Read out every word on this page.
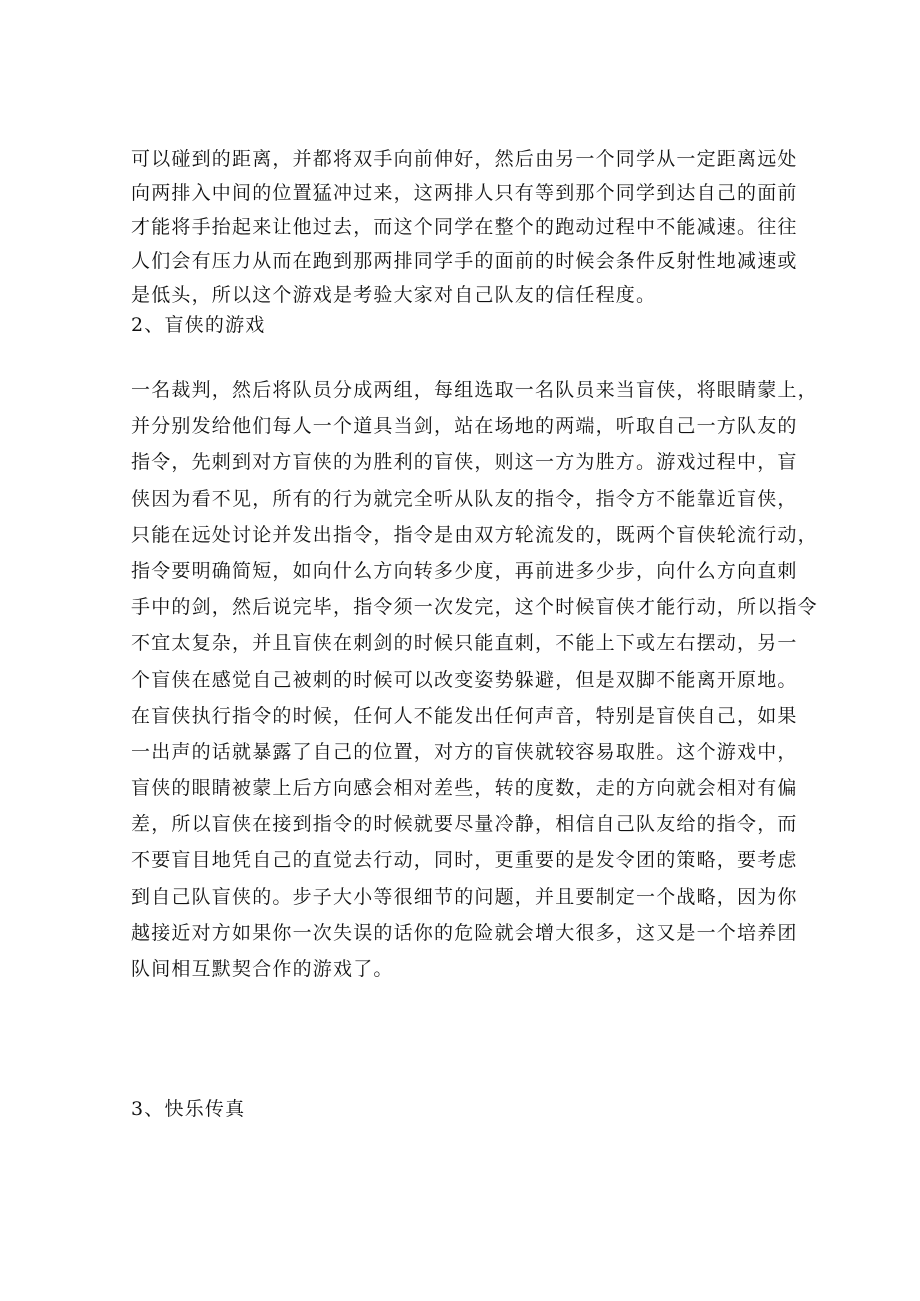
可以碰到的距离，并都将双手向前伸好，然后由另一个同学从一定距离远处
向两排入中间的位置猛冲过来，这两排人只有等到那个同学到达自己的面前
才能将手抬起来让他过去，而这个同学在整个的跑动过程中不能减速。往往
人们会有压力从而在跑到那两排同学手的面前的时候会条件反射性地减速或
是低头，所以这个游戏是考验大家对自己队友的信任程度。

2、盲侠的游戏

一名裁判，然后将队员分成两组，每组选取一名队员来当盲侠，将眼睛蒙上，
并分别发给他们每人一个道具当剑，站在场地的两端，听取自己一方队友的
指令，先刺到对方盲侠的为胜利的盲侠，则这一方为胜方。游戏过程中，盲
侠因为看不见，所有的行为就完全听从队友的指令，指令方不能靠近盲侠，
只能在远处讨论并发出指令，指令是由双方轮流发的，既两个盲侠轮流行动，
指令要明确简短，如向什么方向转多少度，再前进多少步，向什么方向直刺
手中的剑，然后说完毕，指令须一次发完，这个时候盲侠才能行动，所以指令
不宜太复杂，并且盲侠在刺剑的时候只能直刺，不能上下或左右摆动，另一
个盲侠在感觉自己被刺的时候可以改变姿势躲避，但是双脚不能离开原地。
在盲侠执行指令的时候，任何人不能发出任何声音，特别是盲侠自己，如果
一出声的话就暴露了自己的位置，对方的盲侠就较容易取胜。这个游戏中，
盲侠的眼睛被蒙上后方向感会相对差些，转的度数，走的方向就会相对有偏
差，所以盲侠在接到指令的时候就要尽量冷静，相信自己队友给的指令，而
不要盲目地凭自己的直觉去行动，同时，更重要的是发令团的策略，要考虑
到自己队盲侠的。步子大小等很细节的问题，并且要制定一个战略，因为你
越接近对方如果你一次失误的话你的危险就会增大很多，这又是一个培养团
队间相互默契合作的游戏了。

3、快乐传真
